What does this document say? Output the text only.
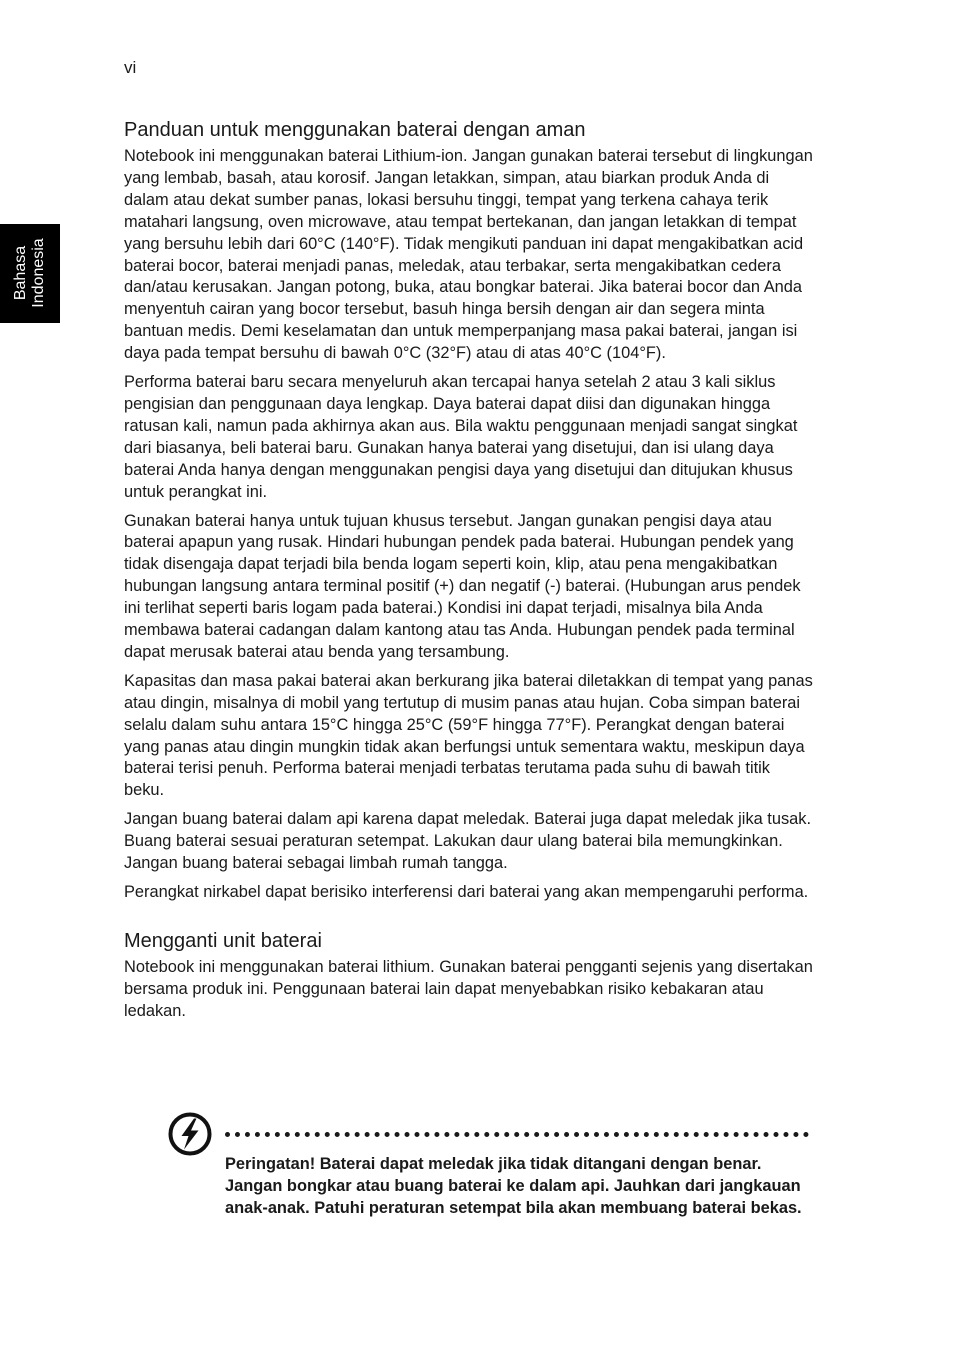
vi
Bahasa Indonesia
Panduan untuk menggunakan baterai dengan aman

Notebook ini menggunakan baterai Lithium-ion. Jangan gunakan baterai tersebut di lingkungan yang lembab, basah, atau korosif. Jangan letakkan, simpan, atau biarkan produk Anda di dalam atau dekat sumber panas, lokasi bersuhu tinggi, tempat yang terkena cahaya terik matahari langsung, oven microwave, atau tempat bertekanan, dan jangan letakkan di tempat yang bersuhu lebih dari 60°C (140°F). Tidak mengikuti panduan ini dapat mengakibatkan acid baterai bocor, baterai menjadi panas, meledak, atau terbakar, serta mengakibatkan cedera dan/atau kerusakan. Jangan potong, buka, atau bongkar baterai. Jika baterai bocor dan Anda menyentuh cairan yang bocor tersebut, basuh hinga bersih dengan air dan segera minta bantuan medis. Demi keselamatan dan untuk memperpanjang masa pakai baterai, jangan isi daya pada tempat bersuhu di bawah 0°C (32°F) atau di atas 40°C (104°F).

Performa baterai baru secara menyeluruh akan tercapai hanya setelah 2 atau 3 kali siklus pengisian dan penggunaan daya lengkap. Daya baterai dapat diisi dan digunakan hingga ratusan kali, namun pada akhirnya akan aus. Bila waktu penggunaan menjadi sangat singkat dari biasanya, beli baterai baru. Gunakan hanya baterai yang disetujui, dan isi ulang daya baterai Anda hanya dengan menggunakan pengisi daya yang disetujui dan ditujukan khusus untuk perangkat ini.

Gunakan baterai hanya untuk tujuan khusus tersebut. Jangan gunakan pengisi daya atau baterai apapun yang rusak. Hindari hubungan pendek pada baterai. Hubungan pendek yang tidak disengaja dapat terjadi bila benda logam seperti koin, klip, atau pena mengakibatkan hubungan langsung antara terminal positif (+) dan negatif (-) baterai. (Hubungan arus pendek ini terlihat seperti baris logam pada baterai.) Kondisi ini dapat terjadi, misalnya bila Anda membawa baterai cadangan dalam kantong atau tas Anda. Hubungan pendek pada terminal dapat merusak baterai atau benda yang tersambung.

Kapasitas dan masa pakai baterai akan berkurang jika baterai diletakkan di tempat yang panas atau dingin, misalnya di mobil yang tertutup di musim panas atau hujan. Coba simpan baterai selalu dalam suhu antara 15°C hingga 25°C (59°F hingga 77°F). Perangkat dengan baterai yang panas atau dingin mungkin tidak akan berfungsi untuk sementara waktu, meskipun daya baterai terisi penuh. Performa baterai menjadi terbatas terutama pada suhu di bawah titik beku.

Jangan buang baterai dalam api karena dapat meledak. Baterai juga dapat meledak jika tusak. Buang baterai sesuai peraturan setempat. Lakukan daur ulang baterai bila memungkinkan. Jangan buang baterai sebagai limbah rumah tangga.

Perangkat nirkabel dapat berisiko interferensi dari baterai yang akan mempengaruhi performa.

Mengganti unit baterai

Notebook ini menggunakan baterai lithium. Gunakan baterai pengganti sejenis yang disertakan bersama produk ini. Penggunaan baterai lain dapat menyebabkan risiko kebakaran atau ledakan.

Peringatan! Baterai dapat meledak jika tidak ditangani dengan benar. Jangan bongkar atau buang baterai ke dalam api. Jauhkan dari jangkauan anak-anak. Patuhi peraturan setempat bila akan membuang baterai bekas.
